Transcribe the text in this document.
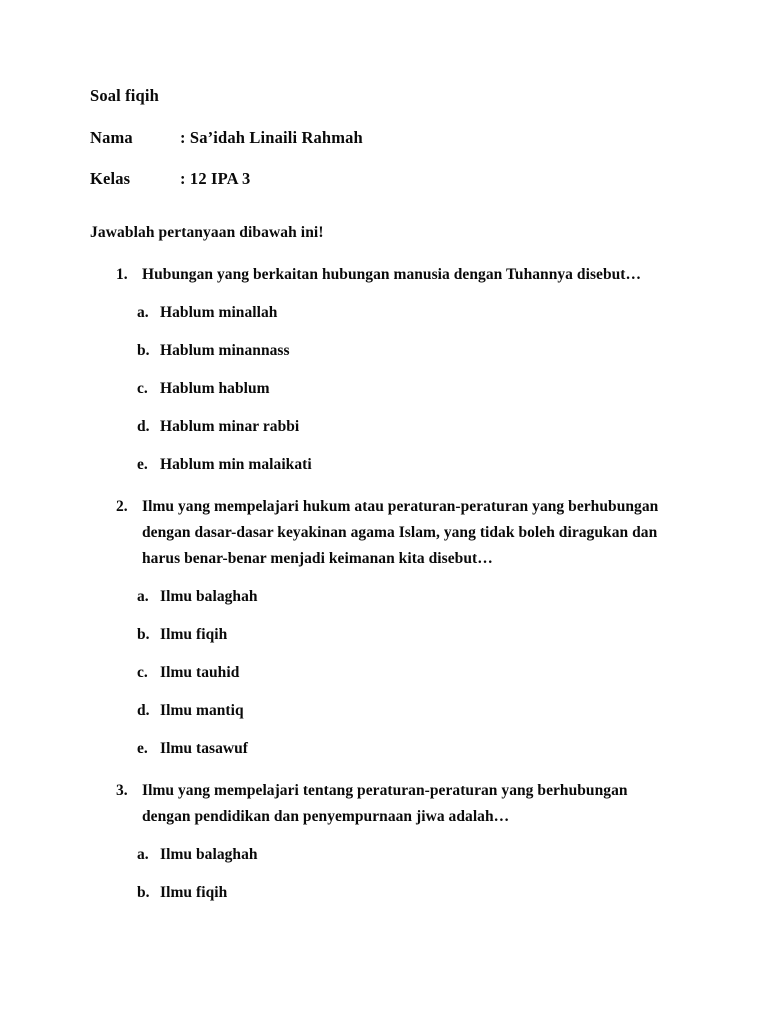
Soal fiqih
Nama	: Sa’idah Linaili Rahmah
Kelas	: 12 IPA 3
Jawablah pertanyaan dibawah ini!
1. Hubungan yang berkaitan hubungan manusia dengan Tuhannya disebut…
a. Hablum minallah
b. Hablum minannass
c. Hablum hablum
d. Hablum minar rabbi
e. Hablum min malaikati
2. Ilmu yang mempelajari hukum atau peraturan-peraturan yang berhubungan dengan dasar-dasar keyakinan agama Islam, yang tidak boleh diragukan dan harus benar-benar menjadi keimanan kita disebut…
a. Ilmu balaghah
b. Ilmu fiqih
c. Ilmu tauhid
d. Ilmu mantiq
e. Ilmu tasawuf
3. Ilmu yang mempelajari tentang peraturan-peraturan yang berhubungan dengan pendidikan dan penyempurnaan jiwa adalah…
a. Ilmu balaghah
b. Ilmu fiqih
